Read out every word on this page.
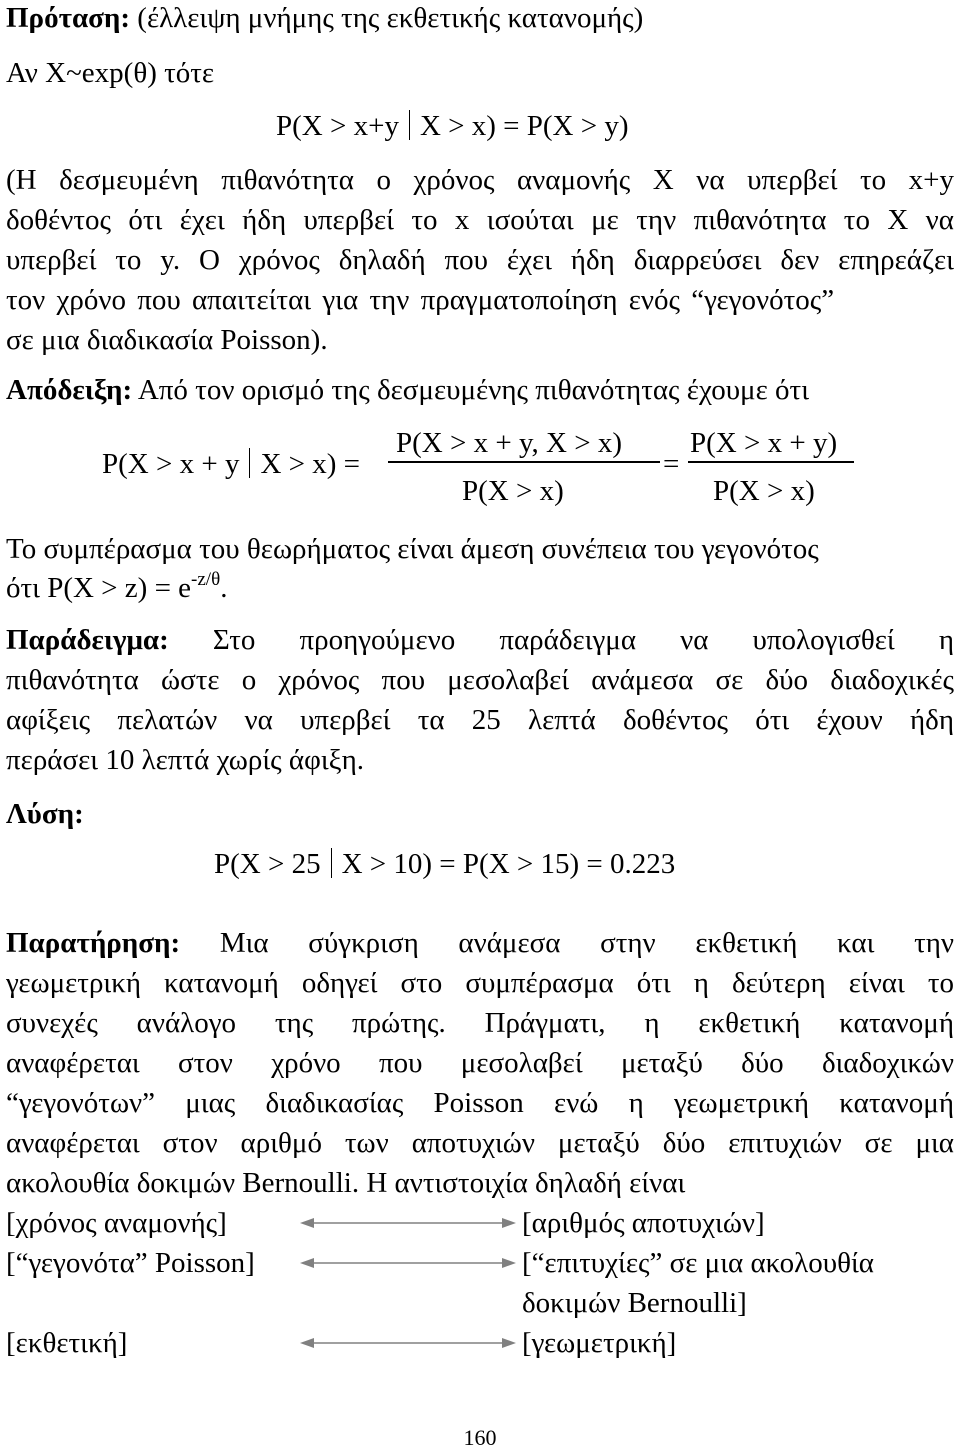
Πρόταση: (έλλειψη μνήμης της εκθετικής κατανομής)
Αν X~exp(θ) τότε
P(X > x+y X > x) = P(X > y)
(Η δεσμευμένη πιθανότητα ο χρόνος αναμονής X να υπερβεί το x+y
δοθέντος ότι έχει ήδη υπερβεί το x ισούται με την πιθανότητα το X να
υπερβεί το y. Ο χρόνος δηλαδή που έχει ήδη διαρρεύσει δεν επηρεάζει
τον χρόνο που απαιτείται για την πραγματοποίηση ενός “γεγονότος”
σε μια διαδικασία Poisson).
Απόδειξη: Από τον ορισμό της δεσμευμένης πιθανότητας έχουμε ότι
P(X > x + y X > x) =
P(X > x + y, X > x)
P(X > x)
=
P(X > x + y)
P(X > x)
Το συμπέρασμα του θεωρήματος είναι άμεση συνέπεια του γεγονότος
ότι $P(X > z) = e^{-z/\theta}$.
Παράδειγμα: Στο προηγούμενο παράδειγμα να υπολογισθεί η
πιθανότητα ώστε ο χρόνος που μεσολαβεί ανάμεσα σε δύο διαδοχικές
αφίξεις πελατών να υπερβεί τα 25 λεπτά δοθέντος ότι έχουν ήδη
περάσει 10 λεπτά χωρίς άφιξη.
Λύση:
P(X > 25 X > 10) = P(X > 15) = 0.223
Παρατήρηση: Μια σύγκριση ανάμεσα στην εκθετική και την
γεωμετρική κατανομή οδηγεί στο συμπέρασμα ότι η δεύτερη είναι το
συνεχές ανάλογο της πρώτης. Πράγματι, η εκθετική κατανομή
αναφέρεται στον χρόνο που μεσολαβεί μεταξύ δύο διαδοχικών
“γεγονότων” μιας διαδικασίας Poisson ενώ η γεωμετρική κατανομή
αναφέρεται στον αριθμό των αποτυχιών μεταξύ δύο επιτυχιών σε μια
ακολουθία δοκιμών Bernoulli. Η αντιστοιχία δηλαδή είναι
[χρόνος αναμονής]	[αριθμός αποτυχιών]
[“γεγονότα” Poisson]	[“επιτυχίες” σε μια ακολουθία
δοκιμών Bernoulli]
[εκθετική]	[γεωμετρική]
160
